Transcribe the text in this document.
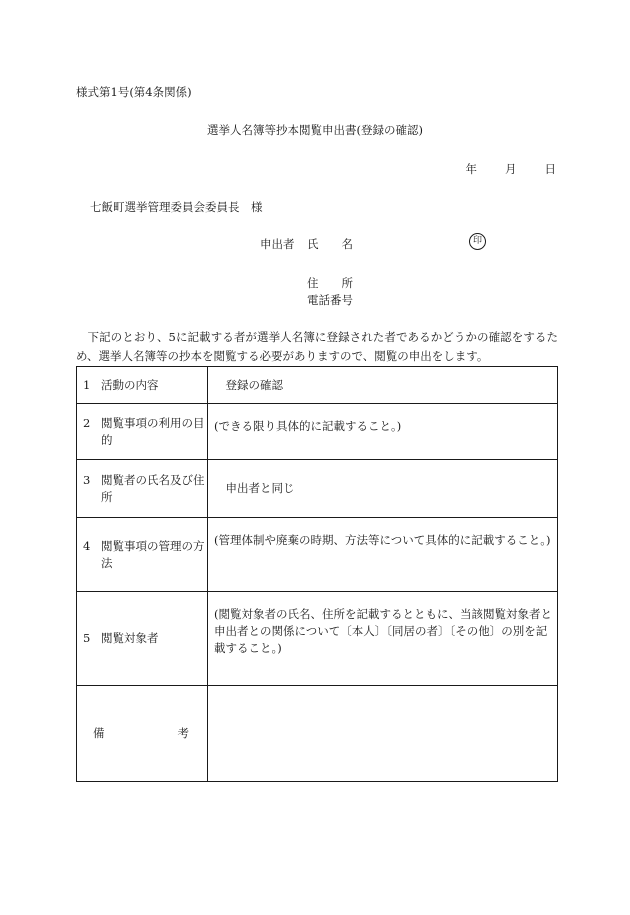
様式第1号(第4条関係)
選挙人名簿等抄本閲覧申出書(登録の確認)
年 月 日
七飯町選挙管理委員会委員長　様
申出者 氏　　名	印
住　　所
電話番号
下記のとおり、5に記載する者が選挙人名簿に登録された者であるかどうかの確認をするため、選挙人名簿等の抄本を閲覧する必要がありますので、閲覧の申出をします。
1 活動の内容	　登録の確認

2 閲覧事項の利用の目的	(できる限り具体的に記載すること。)

3 閲覧者の氏名及び住所	　申出者と同じ

4 閲覧事項の管理の方法	(管理体制や廃棄の時期、方法等について具体的に記載すること。)

5 閲覧対象者	(閲覧対象者の氏名、住所を記載するとともに、当該閲覧対象者と申出者との関係について〔本人〕〔同居の者〕〔その他〕の別を記載すること。)

備 考	
